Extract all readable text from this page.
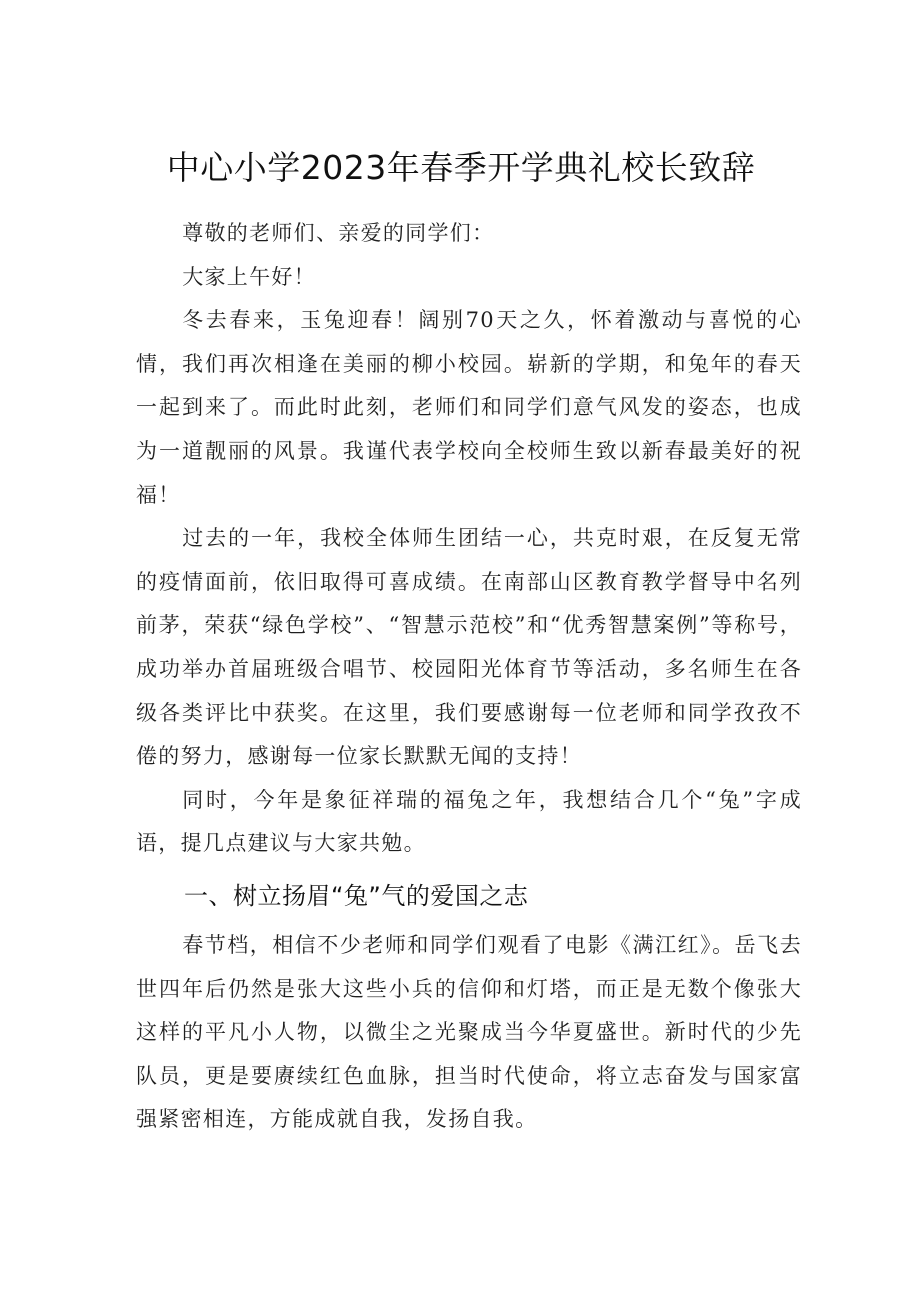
中心小学2023年春季开学典礼校长致辞

尊敬的老师们、亲爱的同学们：

大家上午好！

冬去春来，玉兔迎春！阔别70天之久，怀着激动与喜悦的心情，我们再次相逢在美丽的柳小校园。崭新的学期，和兔年的春天一起到来了。而此时此刻，老师们和同学们意气风发的姿态，也成为一道靓丽的风景。我谨代表学校向全校师生致以新春最美好的祝福！

过去的一年，我校全体师生团结一心，共克时艰，在反复无常的疫情面前，依旧取得可喜成绩。在南部山区教育教学督导中名列前茅，荣获“绿色学校”、“智慧示范校”和“优秀智慧案例”等称号，成功举办首届班级合唱节、校园阳光体育节等活动，多名师生在各级各类评比中获奖。在这里，我们要感谢每一位老师和同学孜孜不倦的努力，感谢每一位家长默默无闻的支持！

同时，今年是象征祥瑞的福兔之年，我想结合几个“兔”字成语，提几点建议与大家共勉。

一、树立扬眉“兔”气的爱国之志

春节档，相信不少老师和同学们观看了电影《满江红》。岳飞去世四年后仍然是张大这些小兵的信仰和灯塔，而正是无数个像张大这样的平凡小人物，以微尘之光聚成当今华夏盛世。新时代的少先队员，更是要赓续红色血脉，担当时代使命，将立志奋发与国家富强紧密相连，方能成就自我，发扬自我。
